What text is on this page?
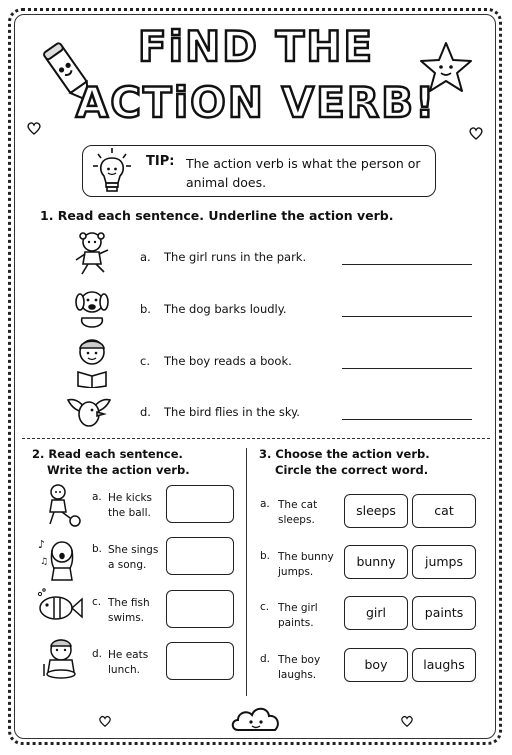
FiND THE
ACTiON VERB!
TIP: The action verb is what the person or animal does.
1. Read each sentence. Underline the action verb.
a. The girl runs in the park.
b. The dog barks loudly.
c. The boy reads a book.
d. The bird flies in the sky.
2. Read each sentence.
Write the action verb.
♪
♫
a. He kicks
the ball.
b. She sings
a song.
c. The fish
swims.
d. He eats
lunch.
3. Choose the action verb.
Circle the correct word.
a. The cat
sleeps.
sleeps	cat
b. The bunny
jumps.
bunny	jumps
c. The girl
paints.
girl	paints
d. The boy
laughs.
boy	laughs
